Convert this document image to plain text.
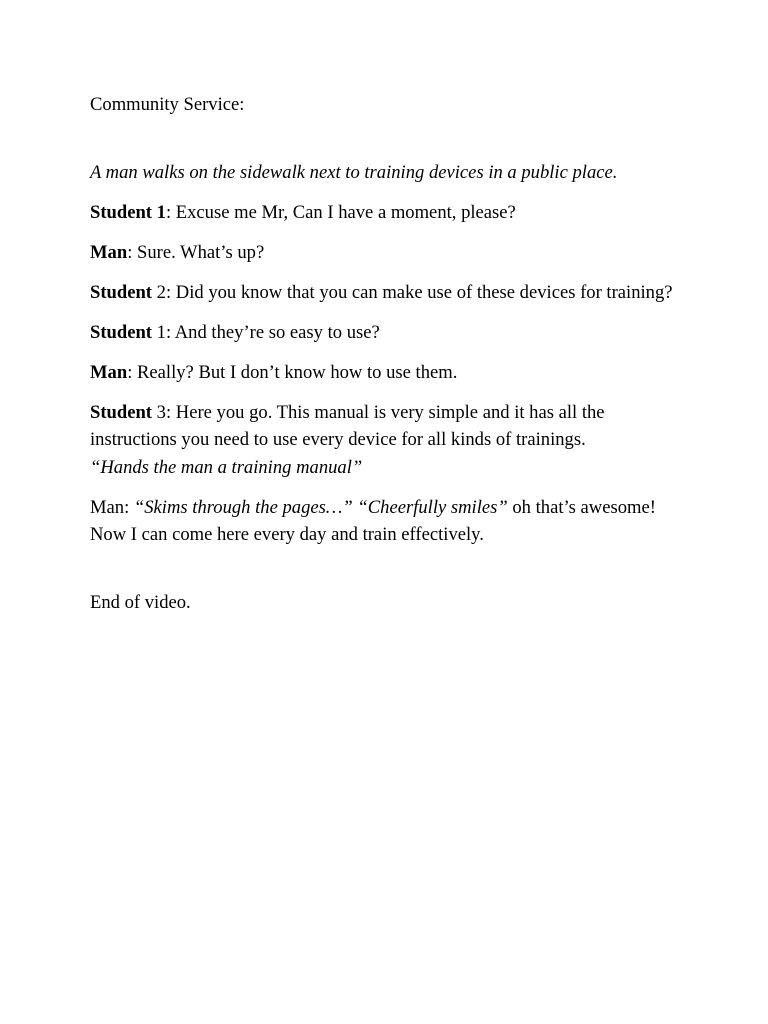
Community Service:

A man walks on the sidewalk next to training devices in a public place.

Student 1: Excuse me Mr, Can I have a moment, please?

Man: Sure. What’s up?

Student 2: Did you know that you can make use of these devices for training?

Student 1: And they’re so easy to use?

Man: Really? But I don’t know how to use them.

Student 3: Here you go. This manual is very simple and it has all the instructions you need to use every device for all kinds of trainings.
“Hands the man a training manual”

Man: “Skims through the pages…” “Cheerfully smiles” oh that’s awesome! Now I can come here every day and train effectively.

End of video.
